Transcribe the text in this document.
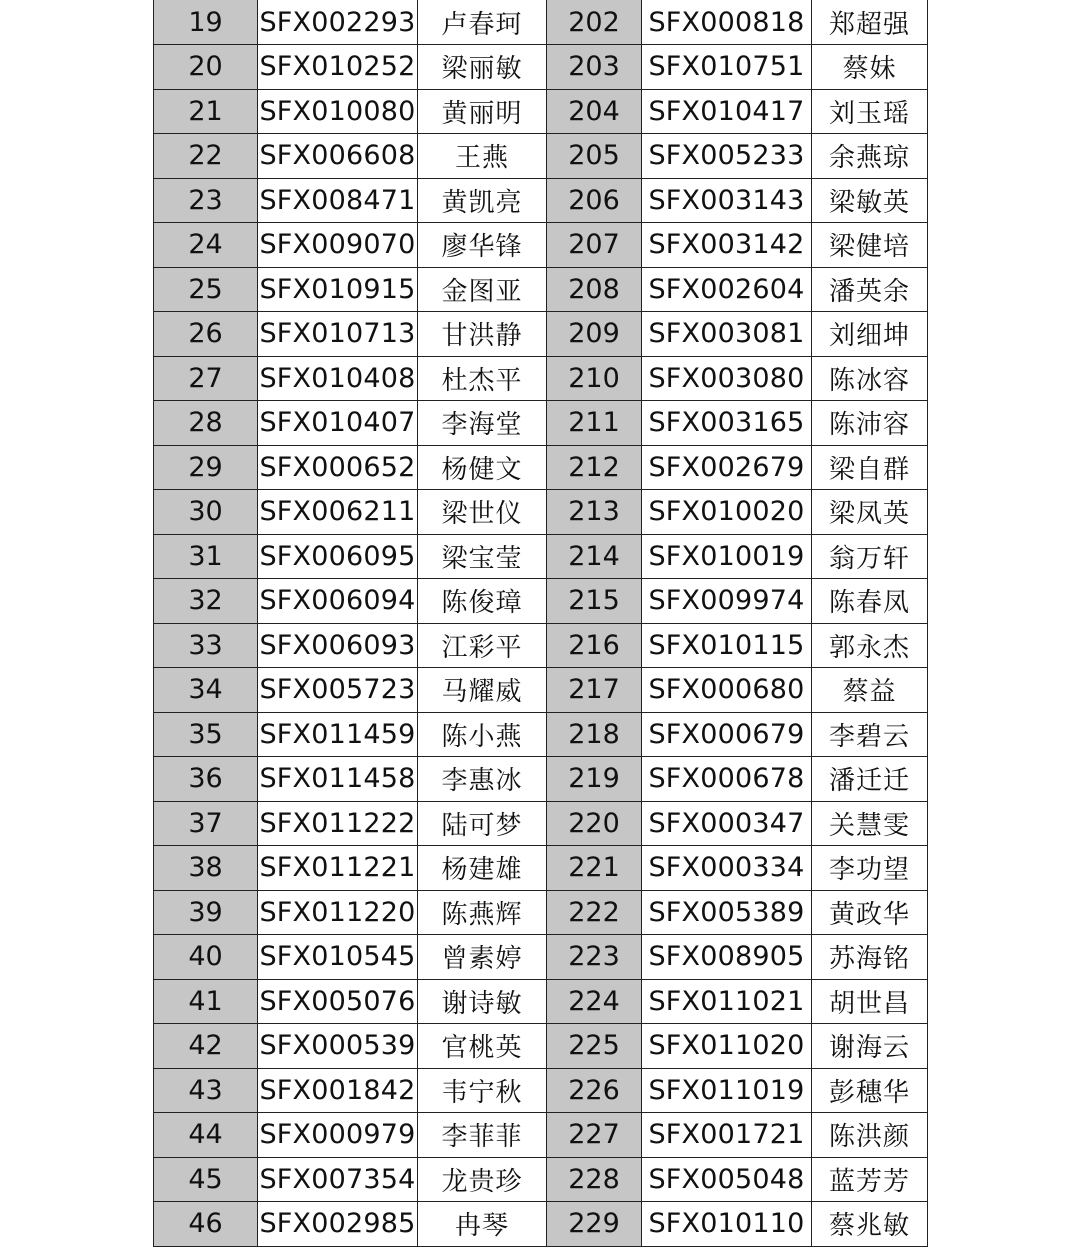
19	SFX002293	卢春珂	202	SFX000818	郑超强
20	SFX010252	梁丽敏	203	SFX010751	蔡妹
21	SFX010080	黄丽明	204	SFX010417	刘玉瑶
22	SFX006608	王燕	205	SFX005233	余燕琼
23	SFX008471	黄凯亮	206	SFX003143	梁敏英
24	SFX009070	廖华锋	207	SFX003142	梁健培
25	SFX010915	金图亚	208	SFX002604	潘英余
26	SFX010713	甘洪静	209	SFX003081	刘细坤
27	SFX010408	杜杰平	210	SFX003080	陈冰容
28	SFX010407	李海堂	211	SFX003165	陈沛容
29	SFX000652	杨健文	212	SFX002679	梁自群
30	SFX006211	梁世仪	213	SFX010020	梁凤英
31	SFX006095	梁宝莹	214	SFX010019	翁万轩
32	SFX006094	陈俊璋	215	SFX009974	陈春凤
33	SFX006093	江彩平	216	SFX010115	郭永杰
34	SFX005723	马耀威	217	SFX000680	蔡益
35	SFX011459	陈小燕	218	SFX000679	李碧云
36	SFX011458	李惠冰	219	SFX000678	潘迁迁
37	SFX011222	陆可梦	220	SFX000347	关慧雯
38	SFX011221	杨建雄	221	SFX000334	李功望
39	SFX011220	陈燕辉	222	SFX005389	黄政华
40	SFX010545	曾素婷	223	SFX008905	苏海铭
41	SFX005076	谢诗敏	224	SFX011021	胡世昌
42	SFX000539	官桃英	225	SFX011020	谢海云
43	SFX001842	韦宁秋	226	SFX011019	彭穗华
44	SFX000979	李菲菲	227	SFX001721	陈洪颜
45	SFX007354	龙贵珍	228	SFX005048	蓝芳芳
46	SFX002985	冉琴	229	SFX010110	蔡兆敏
